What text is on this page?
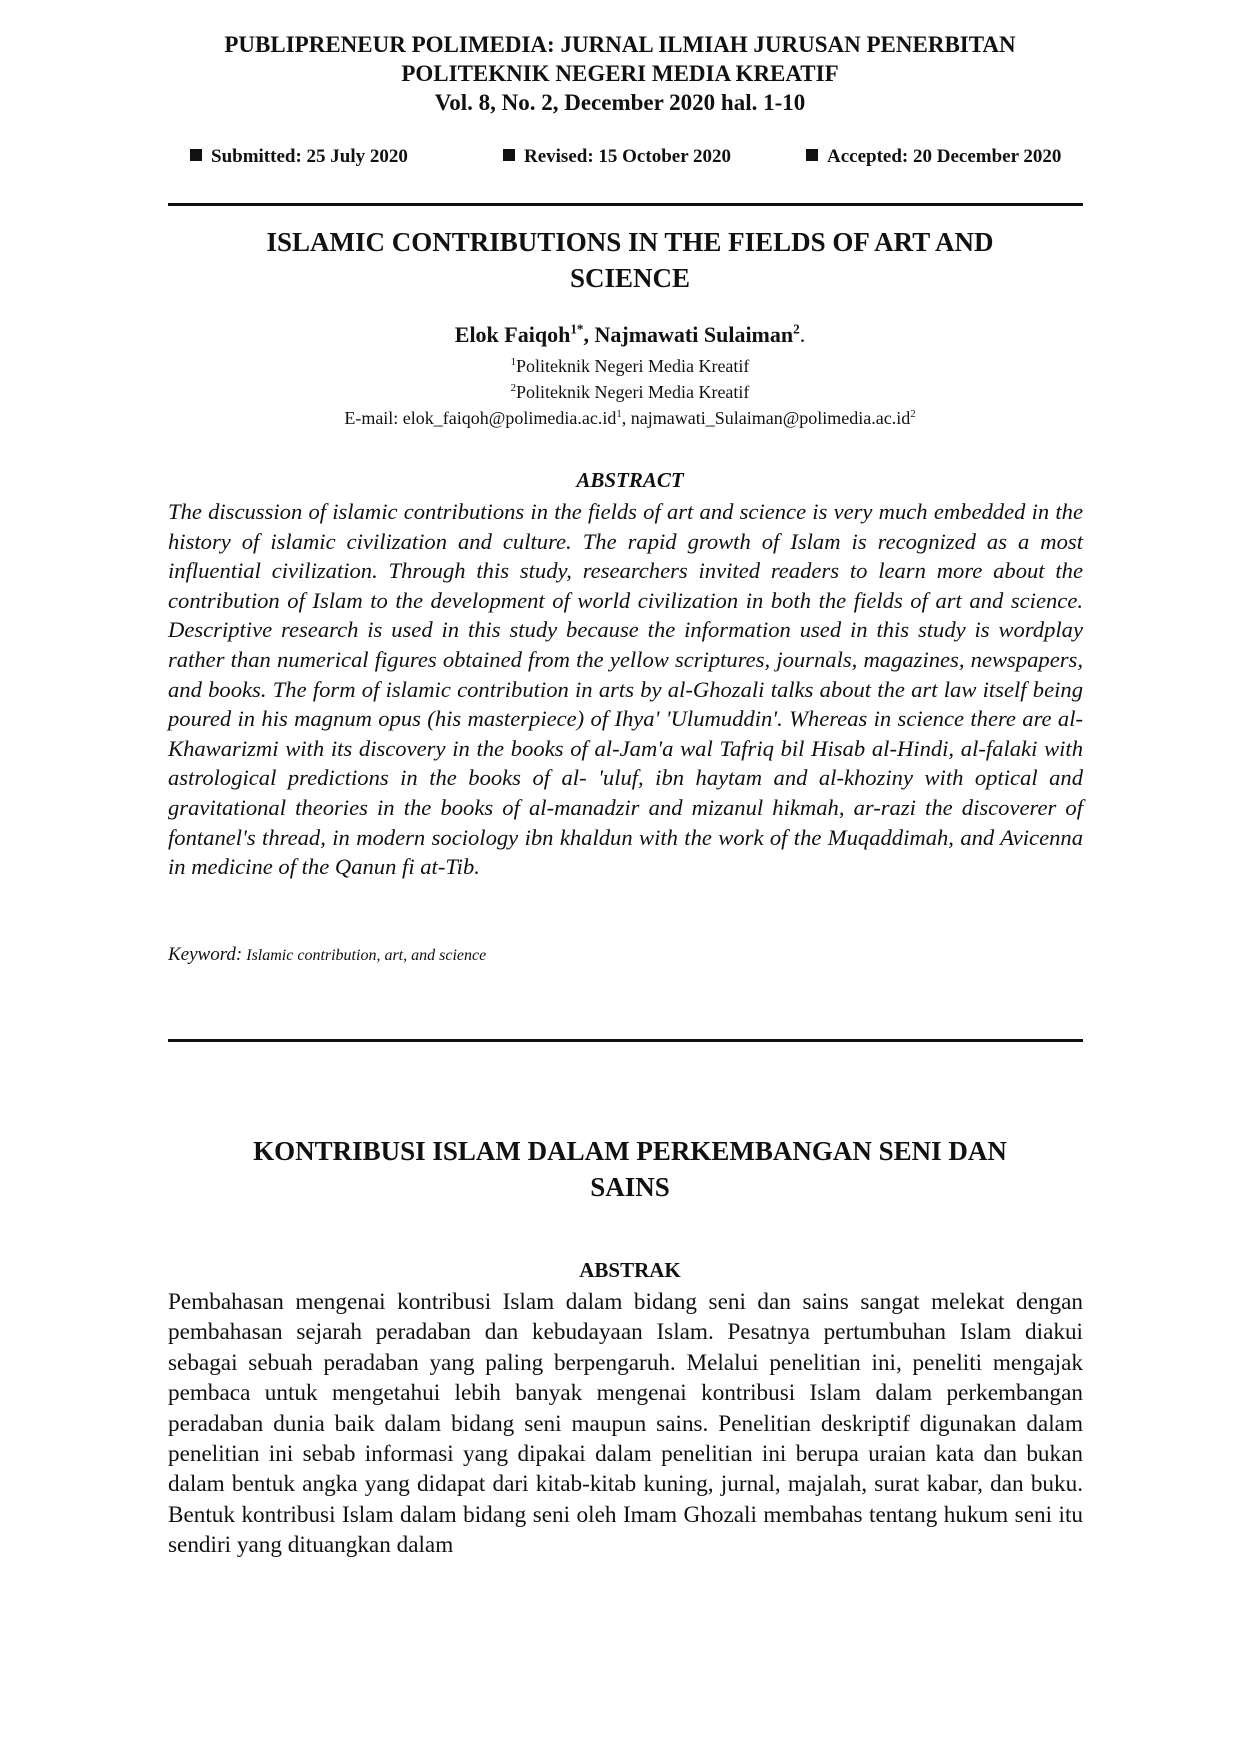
PUBLIPRENEUR POLIMEDIA: JURNAL ILMIAH JURUSAN PENERBITAN
POLITEKNIK NEGERI MEDIA KREATIF
Vol. 8, No. 2, December 2020 hal. 1-10
Submitted: 25 July 2020	Revised: 15 October 2020	Accepted: 20 December 2020
ISLAMIC CONTRIBUTIONS IN THE FIELDS OF ART AND
SCIENCE
Elok Faiqoh$^{1*}$, Najmawati Sulaiman$^2$.
$^1$Politeknik Negeri Media Kreatif
$^2$Politeknik Negeri Media Kreatif
E-mail: $elok\_faiqoh@polimedia.ac.id^1$, $najmawati\_Sulaiman@polimedia.ac.id^2$
ABSTRACT
The discussion of islamic contributions in the fields of art and science is very much embedded in the history of islamic civilization and culture. The rapid growth of Islam is recognized as a most influential civilization. Through this study, researchers invited readers to learn more about the contribution of Islam to the development of world civilization in both the fields of art and science. Descriptive research is used in this study because the information used in this study is wordplay rather than numerical figures obtained from the yellow scriptures, journals, magazines, newspapers, and books. The form of islamic contribution in arts by al-Ghozali talks about the art law itself being poured in his magnum opus (his masterpiece) of Ihya' 'Ulumuddin'. Whereas in science there are al-Khawarizmi with its discovery in the books of al-Jam'a wal Tafriq bil Hisab al-Hindi, al-falaki with astrological predictions in the books of al- 'uluf, ibn haytam and al-khoziny with optical and gravitational theories in the books of al-manadzir and mizanul hikmah, ar-razi the discoverer of fontanel's thread, in modern sociology ibn khaldun with the work of the Muqaddimah, and Avicenna in medicine of the Qanun fi at-Tib.
Keyword: Islamic contribution, art, and science
KONTRIBUSI ISLAM DALAM PERKEMBANGAN SENI DAN
SAINS
ABSTRAK
Pembahasan mengenai kontribusi Islam dalam bidang seni dan sains sangat melekat dengan pembahasan sejarah peradaban dan kebudayaan Islam. Pesatnya pertumbuhan Islam diakui sebagai sebuah peradaban yang paling berpengaruh. Melalui penelitian ini, peneliti mengajak pembaca untuk mengetahui lebih banyak mengenai kontribusi Islam dalam perkembangan peradaban dunia baik dalam bidang seni maupun sains. Penelitian deskriptif digunakan dalam penelitian ini sebab informasi yang dipakai dalam penelitian ini berupa uraian kata dan bukan dalam bentuk angka yang didapat dari kitab-kitab kuning, jurnal, majalah, surat kabar, dan buku. Bentuk kontribusi Islam dalam bidang seni oleh Imam Ghozali membahas tentang hukum seni itu sendiri yang dituangkan dalam
